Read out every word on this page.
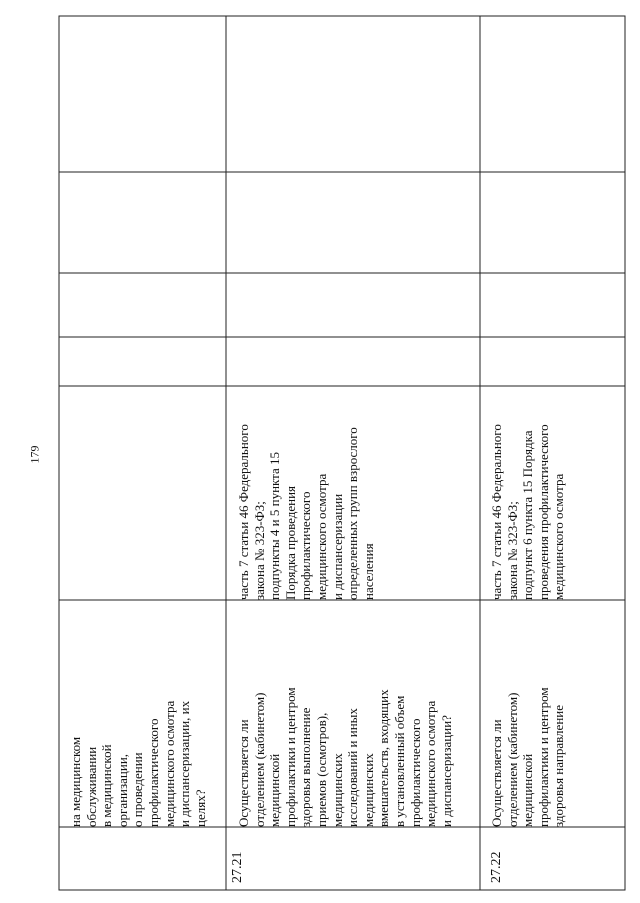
179
на медицинском
обслуживании
в медицинской
организации,
о проведении
профилактического
медицинского осмотра
и диспансеризации, их
целях?
27.21
Осуществляется ли
отделением (кабинетом)
медицинской
профилактики и центром
здоровья выполнение
приемов (осмотров),
медицинских
исследований и иных
медицинских
вмешательств, входящих
в установленный объем
профилактического
медицинского осмотра
и диспансеризации?
часть 7 статьи 46 Федерального
закона № 323-ФЗ;
подпункты 4 и 5 пункта 15
Порядка проведения
профилактического
медицинского осмотра
и диспансеризации
определенных групп взрослого
населения
27.22
Осуществляется ли
отделением (кабинетом)
медицинской
профилактики и центром
здоровья направление
часть 7 статьи 46 Федерального
закона № 323-ФЗ;
подпункт 6 пункта 15 Порядка
проведения профилактического
медицинского осмотра
